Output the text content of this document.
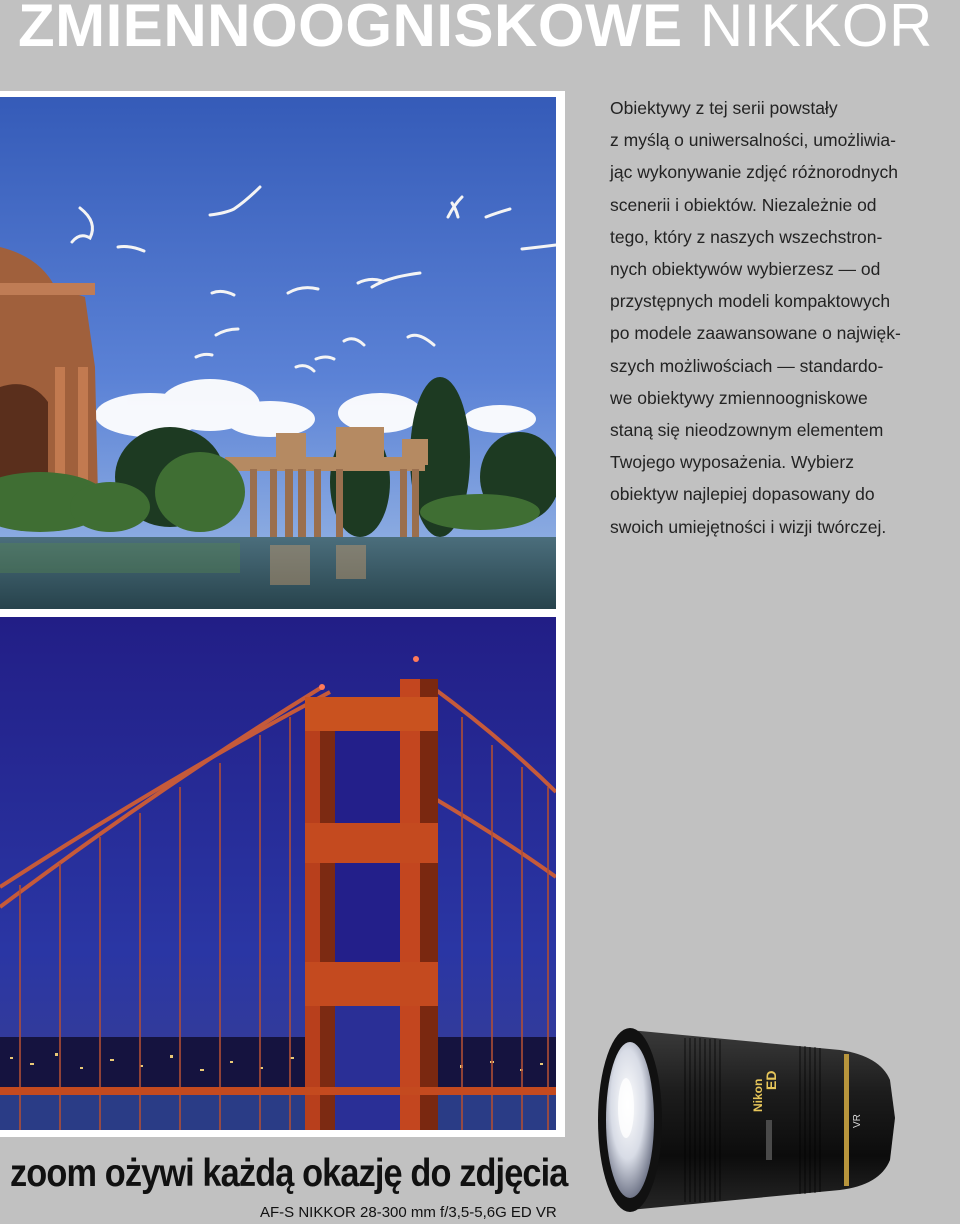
ZMIENNOOGNISKOWE NIKKOR

Obiektywy z tej serii powstały
z myślą o uniwersalności, umożliwia-
jąc wykonywanie zdjęć różnorodnych
scenerii i obiektów. Niezależnie od
tego, który z naszych wszechstron-
nych obiektywów wybierzesz — od
przystępnych modeli kompaktowych
po modele zaawansowane o najwięk-
szych możliwościach — standardo-
we obiektywy zmiennoogniskowe
staną się nieodzownym elementem
Twojego wyposażenia. Wybierz
obiektyw najlepiej dopasowany do
swoich umiejętności i wizji twórczej.

Nikon
ED
VR
zoom ożywi każdą okazję do zdjęcia

AF-S NIKKOR 28-300 mm f/3,5-5,6G ED VR
